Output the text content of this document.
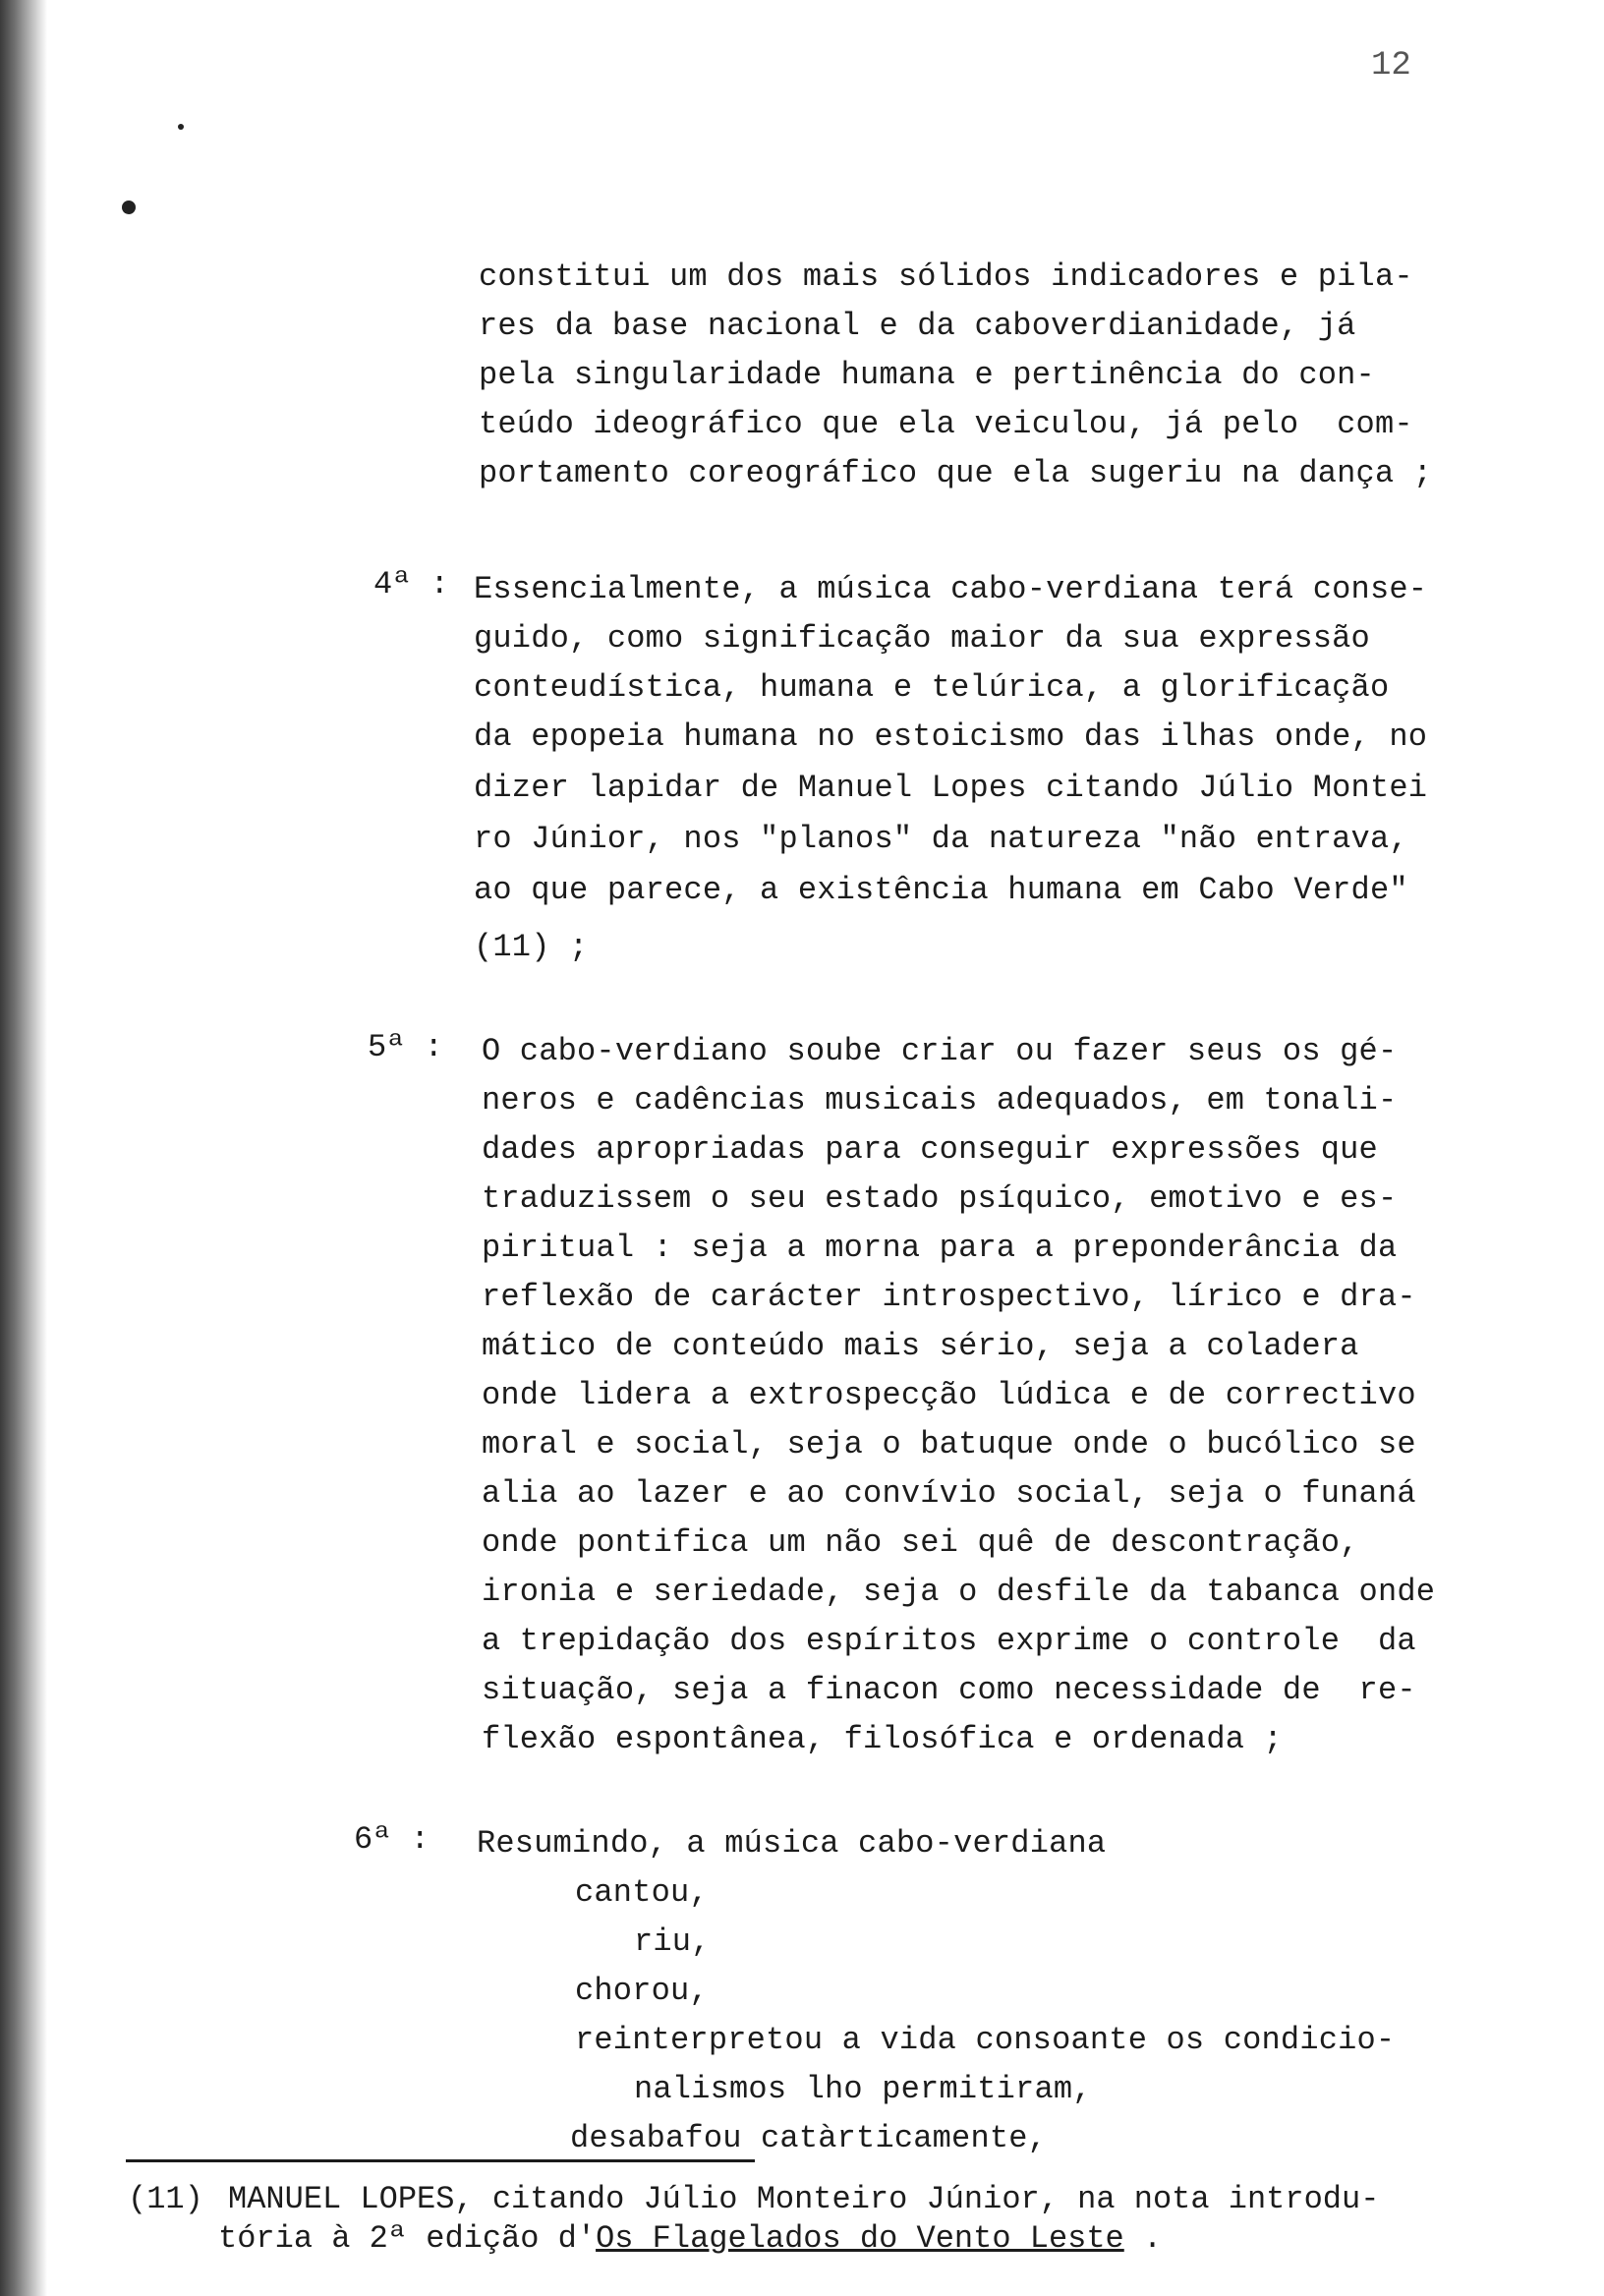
12
constitui um dos mais sólidos indicadores e pila-
res da base nacional e da caboverdianidade, já
pela singularidade humana e pertinência do con-
teúdo ideográfico que ela veiculou, já pelo  com-
portamento coreográfico que ela sugeriu na dança ;
4ª : Essencialmente, a música cabo-verdiana terá conse-
guido, como significação maior da sua expressão
conteudística, humana e telúrica, a glorificação
da epopeia humana no estoicismo das ilhas onde, no
dizer lapidar de Manuel Lopes citando Júlio Montei
ro Júnior, nos "planos" da natureza "não entrava,
ao que parece, a existência humana em Cabo Verde"
(11) ;
5ª : O cabo-verdiano soube criar ou fazer seus os gé-
neros e cadências musicais adequados, em tonali-
dades apropriadas para conseguir expressões que
traduzissem o seu estado psíquico, emotivo e es-
piritual : seja a morna para a preponderância da
reflexão de carácter introspectivo, lírico e dra-
mático de conteúdo mais sério, seja a coladera
onde lidera a extrospecção lúdica e de correctivo
moral e social, seja o batuque onde o bucólico se
alia ao lazer e ao convívio social, seja o funaná
onde pontifica um não sei quê de descontração,
ironia e seriedade, seja o desfile da tabanca onde
a trepidação dos espíritos exprime o controle  da
situação, seja a finacon como necessidade de  re-
flexão espontânea, filosófica e ordenada ;
6ª : Resumindo, a música cabo-verdiana
cantou,
riu,
chorou,
reinterpretou a vida consoante os condicio-
nalismos lho permitiram,
desabafou catàrticamente,
(11) MANUEL LOPES, citando Júlio Monteiro Júnior, na nota introdu-
tória à 2ª edição d'Os Flagelados do Vento Leste .
